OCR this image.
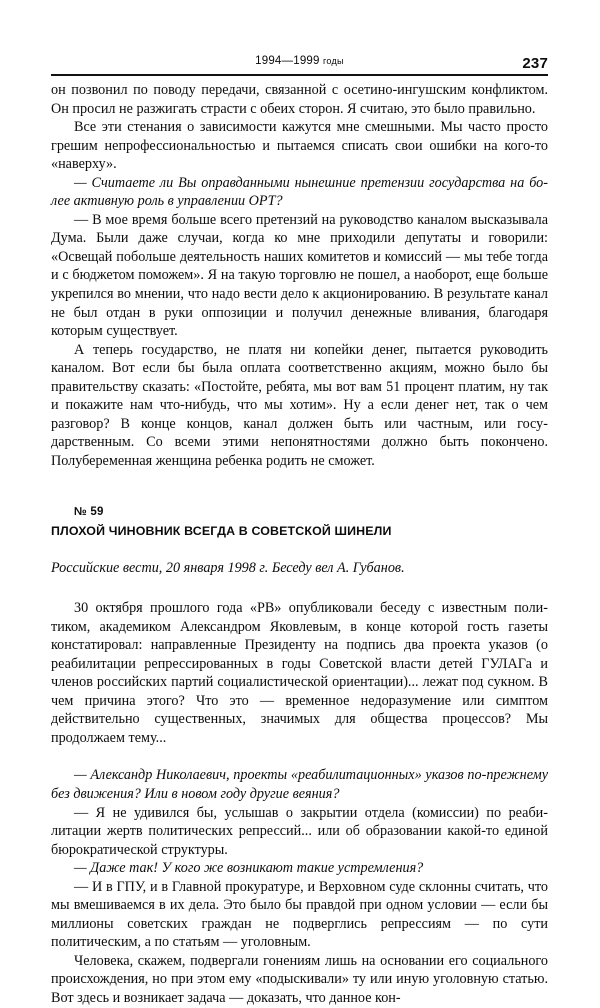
1994—1999 годы	237

он позвонил по поводу передачи, связанной с осетино-ингушским конфликтом. Он просил не разжигать страсти с обеих сторон. Я считаю, это было правильно.

Все эти стенания о зависимости кажутся мне смешными. Мы часто просто грешим непрофессиональностью и пытаемся списать свои ошибки на кого-то «наверху».

— Считаете ли Вы оправданными нынешние претензии государства на более активную роль в управлении ОРТ?

— В мое время больше всего претензий на руководство каналом высказывала Дума. Были даже случаи, когда ко мне приходили депутаты и говорили: «Освещай побольше деятельность наших комитетов и комиссий — мы тебе тогда и с бюджетом поможем». Я на такую торговлю не пошел, а наоборот, еще больше укрепился во мнении, что надо вести дело к акционированию. В результате канал не был отдан в руки оппозиции и получил денежные вливания, благодаря которым существует.

А теперь государство, не платя ни копейки денег, пытается руководить каналом. Вот если бы была оплата соответственно акциям, можно было бы правительству сказать: «Постойте, ребята, мы вот вам 51 процент платим, ну так и покажите нам что-нибудь, что мы хотим». Ну а если денег нет, так о чем разговор? В конце концов, канал должен быть или частным, или государственным. Со всеми этими непонятностями должно быть покончено. Полубеременная женщина ребенка родить не сможет.

№ 59

ПЛОХОЙ ЧИНОВНИК ВСЕГДА В СОВЕТСКОЙ ШИНЕЛИ

Российские вести, 20 января 1998 г. Беседу вел А. Губанов.

30 октября прошлого года «РВ» опубликовали беседу с известным политиком, академиком Александром Яковлевым, в конце которой гость газеты констатировал: направленные Президенту на подпись два проекта указов (о реабилитации репрессированных в годы Советской власти детей ГУЛАГа и членов российских партий социалистической ориентации)... лежат под сукном. В чем причина этого? Что это — временное недоразумение или симптом действительно существенных, значимых для общества процессов? Мы продолжаем тему...

— Александр Николаевич, проекты «реабилитационных» указов по-прежнему без движения? Или в новом году другие веяния?

— Я не удивился бы, услышав о закрытии отдела (комиссии) по реабилитации жертв политических репрессий... или об образовании какой-то единой бюрократической структуры.

— Даже так! У кого же возникают такие устремления?

— И в ГПУ, и в Главной прокуратуре, и Верховном суде склонны считать, что мы вмешиваемся в их дела. Это было бы правдой при одном условии — если бы миллионы советских граждан не подверглись репрессиям — по сути политическим, а по статьям — уголовным.

Человека, скажем, подвергали гонениям лишь на основании его социального происхождения, но при этом ему «подыскивали» ту или иную уголовную статью. Вот здесь и возникает задача — доказать, что данное кон-
